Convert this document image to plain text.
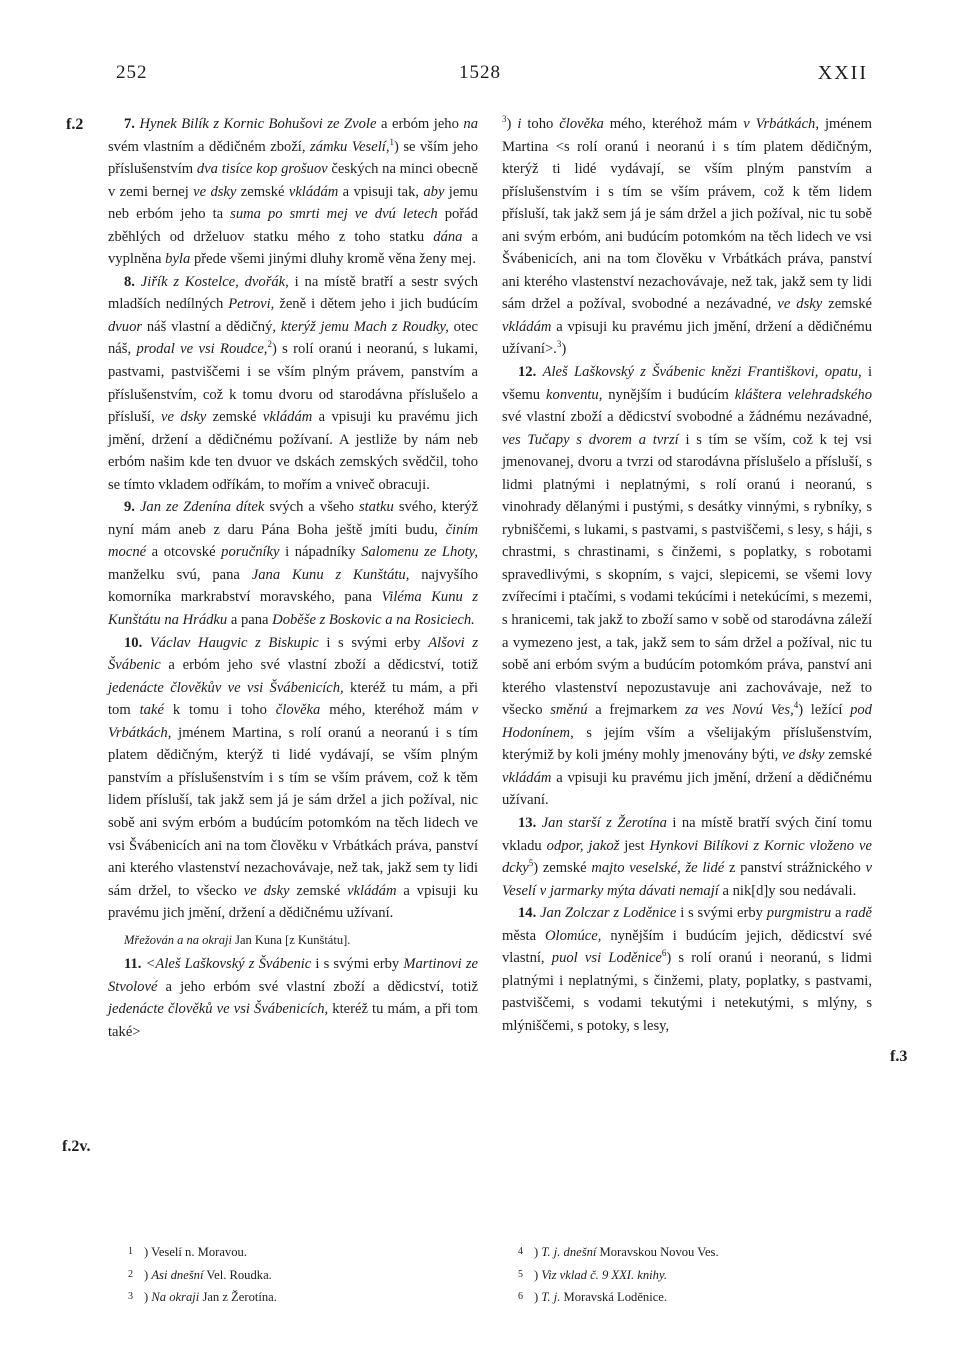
252	1528	XXII
f.2
f.2v.
f.3

7. Hynek Bilík z Kornic Bohušovi ze Zvole a erbóm jeho na svém vlastním a dědičném zboží, zámku Veselí,$^1$) se vším jeho příslušenstvím dva tisíce kop grošuov českých na minci obecně v zemi bernej ve dsky zemské vkládám a vpisuji tak, aby jemu neb erbóm jeho ta suma po smrti mej ve dvú letech pořád zběhlých od drželuov statku mého z toho statku dána a vyplněna byla přede všemi jinými dluhy kromě věna ženy mej.

8. Jiřík z Kostelce, dvořák, i na místě bratří a sestr svých mladších nedílných Petrovi, ženě i dětem jeho i jich budúcím dvuor náš vlastní a dědičný, kterýž jemu Mach z Roudky, otec náš, prodal ve vsi Roudce,$^2$) s rolí oranú i neoranú, s lukami, pastvami, pastviščemi i se vším plným právem, panstvím a příslušenstvím, což k tomu dvoru od starodávna příslušelo a přísluší, ve dsky zemské vkládám a vpisuji ku pravému jich jmění, držení a dědičnému požívaní. A jestliže by nám neb erbóm našim kde ten dvuor ve dskách zemských svědčil, toho se tímto vkladem odříkám, to mořím a vniveč obracuji.

9. Jan ze Zdenína dítek svých a všeho statku svého, kterýž nyní mám aneb z daru Pána Boha ještě jmíti budu, činím mocné a otcovské poručníky i nápadníky Salomenu ze Lhoty, manželku svú, pana Jana Kunu z Kunštátu, najvyšího komorníka markrabství moravského, pana Viléma Kunu z Kunštátu na Hrádku a pana Doběše z Boskovic a na Rosiciech.

10. Václav Haugvic z Biskupic i s svými erby Alšovi z Švábenic a erbóm jeho své vlastní zboží a dědicství, totiž jedenácte člověkův ve vsi Švábenicích, kteréž tu mám, a při tom také k tomu i toho člověka mého, kteréhož mám v Vrbátkách, jménem Martina, s rolí oranú a neoranú i s tím platem dědičným, kterýž ti lidé vydávají, se vším plným panstvím a příslušenstvím i s tím se vším právem, což k těm lidem přísluší, tak jakž sem já je sám držel a jich požíval, nic sobě ani svým erbóm a budúcím potomkóm na těch lidech ve vsi Švábenicích ani na tom člověku v Vrbátkách práva, panství ani kterého vlastenství nezachovávaje, než tak, jakž sem ty lidi sám držel, to všecko ve dsky zemské vkládám a vpisuji ku pravému jich jmění, držení a dědičnému užívaní.

Mřežován a na okraji Jan Kuna [z Kunštátu].

11. <Aleš Laškovský z Švábenic i s svými erby Martinovi ze Stvolové a jeho erbóm své vlastní zboží a dědicství, totiž jedenácte člověků ve vsi Švábenicích, kteréž tu mám, a při tom také>

$^3$) i toho člověka mého, kteréhož mám v Vrbátkách, jménem Martina <s rolí oranú i neoranú i s tím platem dědičným, kterýž ti lidé vydávají, se vším plným panstvím a příslušenstvím i s tím se vším právem, což k těm lidem přísluší, tak jakž sem já je sám držel a jich požíval, nic tu sobě ani svým erbóm, ani budúcím potomkóm na těch lidech ve vsi Švábenicích, ani na tom člověku v Vrbátkách práva, panství ani kterého vlastenství nezachovávaje, než tak, jakž sem ty lidi sám držel a požíval, svobodné a nezávadné, ve dsky zemské vkládám a vpisuji ku pravému jich jmění, držení a dědičnému užívaní>.$^3$)

12. Aleš Laškovský z Švábenic knězi Františkovi, opatu, i všemu konventu, nynějším i budúcím kláštera velehradského své vlastní zboží a dědicství svobodné a žádnému nezávadné, ves Tučapy s dvorem a tvrzí i s tím se vším, což k tej vsi jmenovanej, dvoru a tvrzi od starodávna příslušelo a přísluší, s lidmi platnými i neplatnými, s rolí oranú i neoranú, s vinohrady dělanými i pustými, s desátky vinnými, s rybníky, s rybniščemi, s lukami, s pastvami, s pastviščemi, s lesy, s háji, s chrastmi, s chrastinami, s činžemi, s poplatky, s robotami spravedlivými, s skopním, s vajci, slepicemi, se všemi lovy zvířecími i ptačími, s vodami tekúcími i netekúcími, s mezemi, s hranicemi, tak jakž to zboží samo v sobě od starodávna záleží a vymezeno jest, a tak, jakž sem to sám držel a požíval, nic tu sobě ani erbóm svým a budúcím potomkóm práva, panství ani kterého vlastenství nepozustavuje ani zachovávaje, než to všecko směnú a frejmarkem za ves Novú Ves,$^4$) ležící pod Hodonínem, s jejím vším a všelijakým příslušenstvím, kterýmiž by koli jmény mohly jmenovány býti, ve dsky zemské vkládám a vpisuji ku pravému jich jmění, držení a dědičnému užívaní.

13. Jan starší z Žerotína i na místě bratří svých činí tomu vkladu odpor, jakož jest Hynkovi Bilíkovi z Kornic vloženo ve dcky$^5$) zemské majto veselské, že lidé z panství strážnického v Veselí v jarmarky mýta dávati nemají a nik[d]y sou nedávali.

14. Jan Zolczar z Loděnice i s svými erby purgmistru a radě města Olomúce, nynějším i budúcím jejich, dědicství své vlastní, puol vsi Loděnice$^6$) s rolí oranú i neoranú, s lidmi platnými i neplatnými, s činžemi, platy, poplatky, s pastvami, pastviščemi, s vodami tekutými i netekutými, s mlýny, s mlýniščemi, s potoky, s lesy,

1 ) Veselí n. Moravou.
2 ) Asi dnešní Vel. Roudka.
3 ) Na okraji Jan z Žerotína.
4 ) T. j. dnešní Moravskou Novou Ves.
5 ) Viz vklad č. 9 XXI. knihy.
6 ) T. j. Moravská Loděnice.
